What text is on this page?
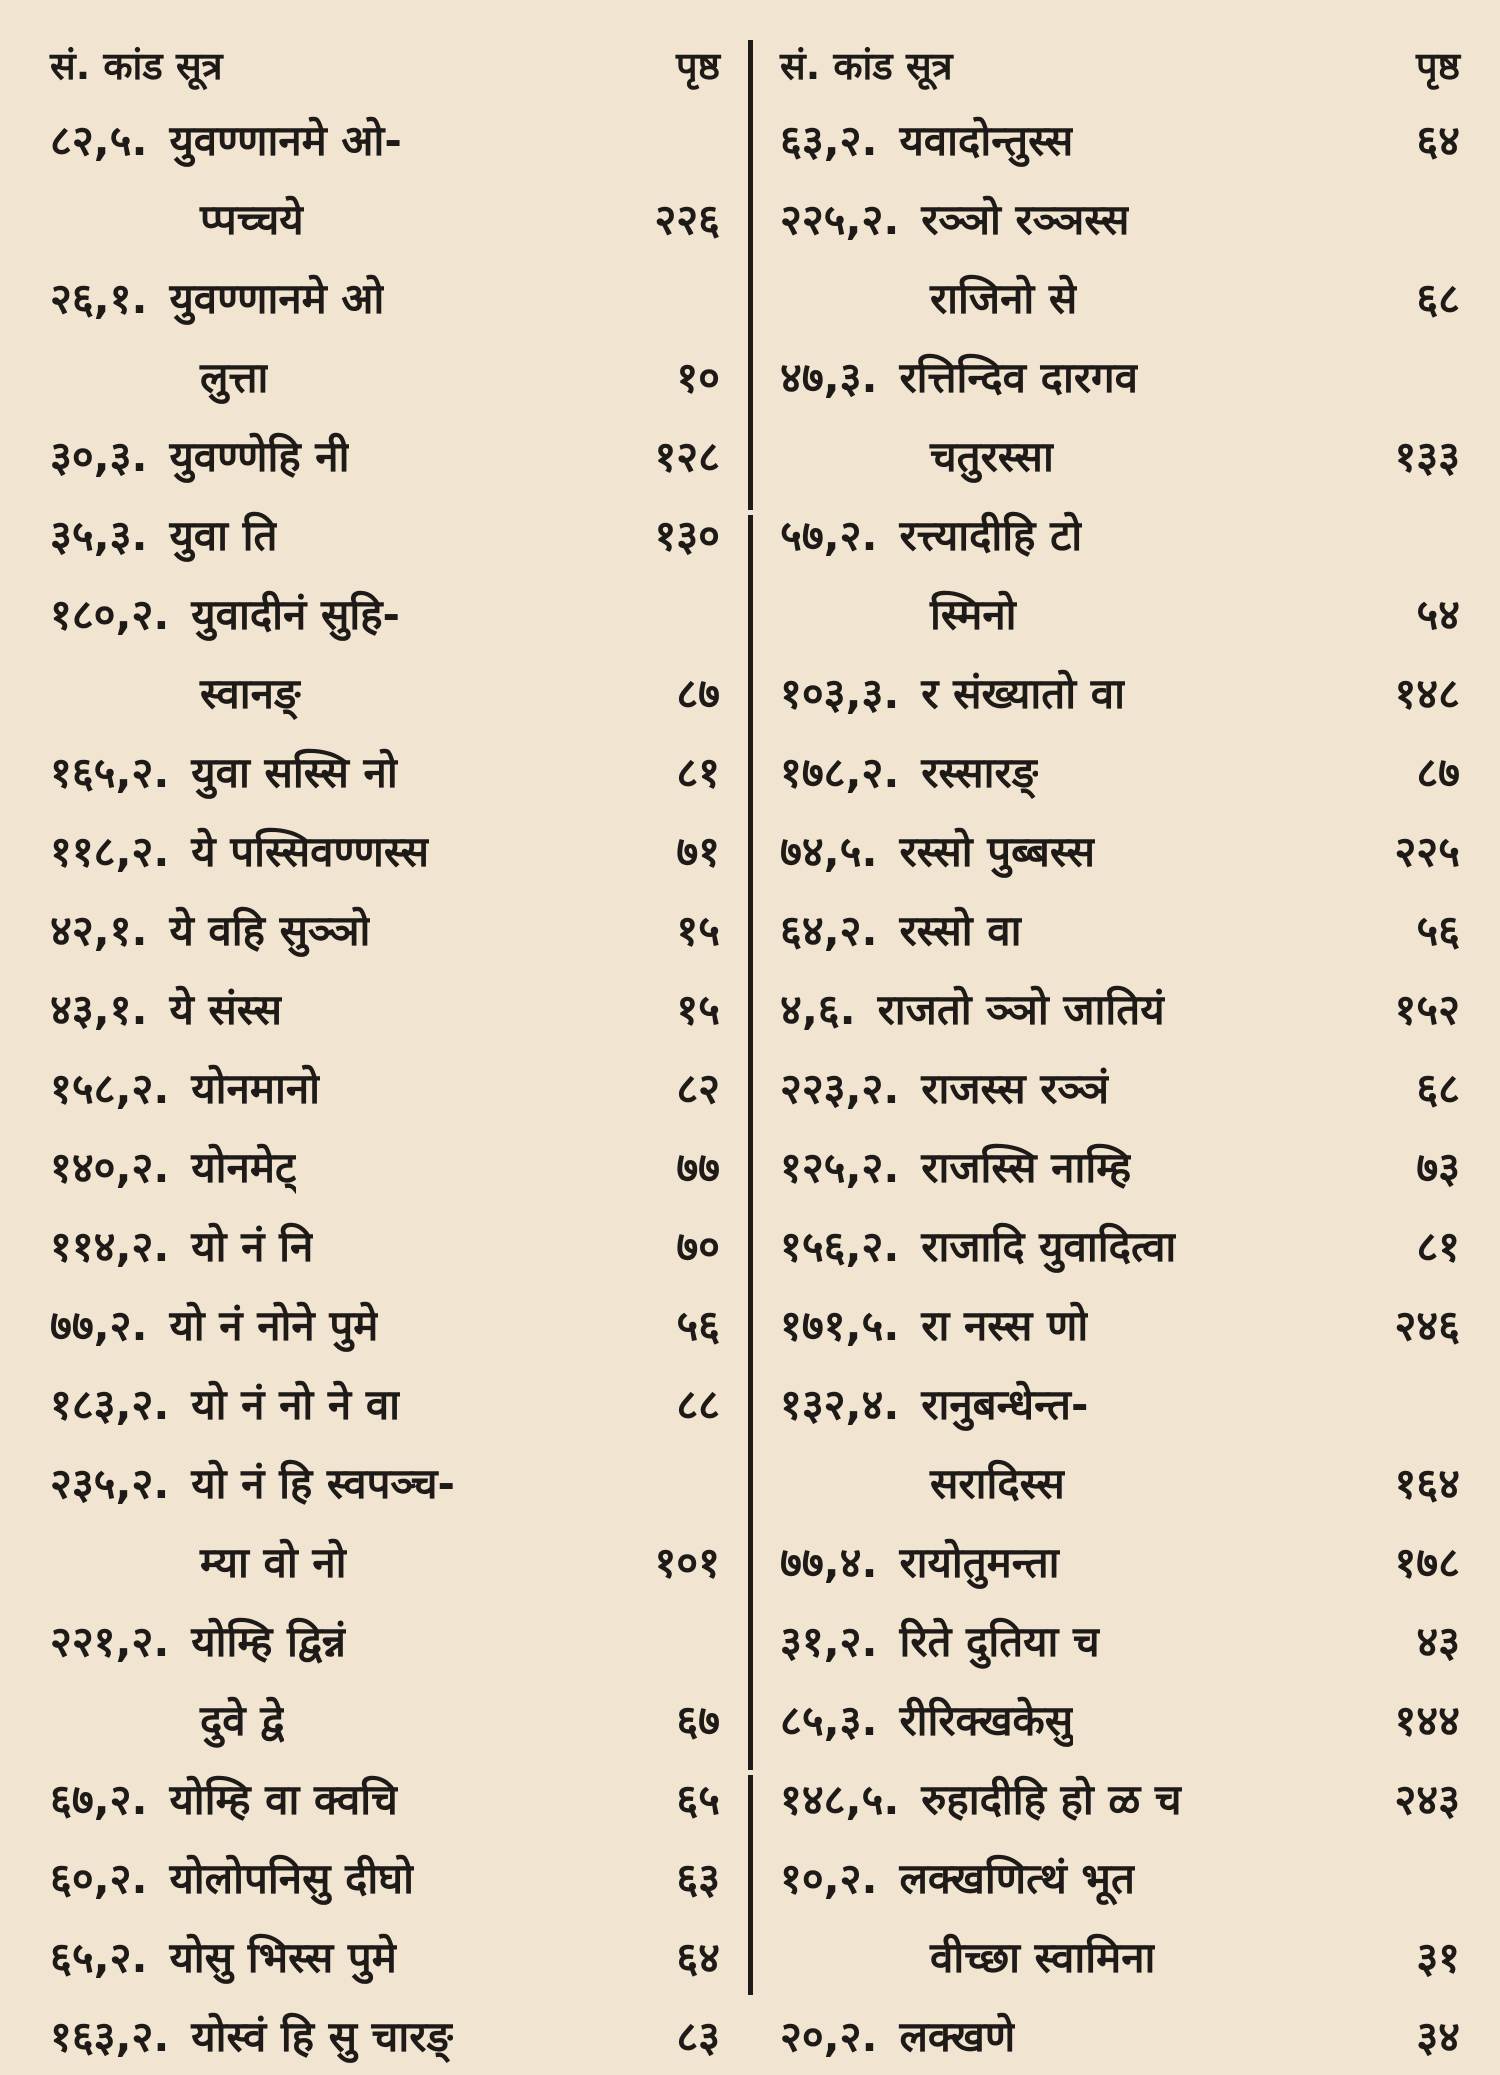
सं. कांड सूत्र	पृष्ठ
८२,५. युवण्णानमे ओ-
प्पच्चये	२२६
२६,१. युवण्णानमे ओ
लुत्ता	१०
३०,३. युवण्णेहि नी	१२८
३५,३. युवा ति	१३०
१८०,२. युवादीनं सुहि-
स्वानङ्	८७
१६५,२. युवा सस्सि नो	८१
११८,२. ये पस्सिवण्णस्स	७१
४२,१. ये वहि सुञ्ञो	१५
४३,१. ये संस्स	१५
१५८,२. योनमानो	८२
१४०,२. योनमेट्	७७
११४,२. यो नं नि	७०
७७,२. यो नं नोने पुमे	५६
१८३,२. यो नं नो ने वा	८८
२३५,२. यो नं हि स्वपञ्च-
म्या वो नो	१०१
२२१,२. योम्हि द्विन्नं
दुवे द्वे	६७
६७,२. योम्हि वा क्वचि	६५
६०,२. योलोपनिसु दीघो	६३
६५,२. योसु भिस्स पुमे	६४
१६३,२. योस्वं हि सु चारङ्	८३
सं. कांड सूत्र	पृष्ठ
६३,२. यवादोन्तुस्स	६४
२२५,२. रञ्ञो रञ्ञस्स
राजिनो से	६८
४७,३. रत्तिन्दिव दारगव
चतुरस्सा	१३३
५७,२. रत्त्यादीहि टो
स्मिनो	५४
१०३,३. र संख्यातो वा	१४८
१७८,२. रस्सारङ्	८७
७४,५. रस्सो पुब्बस्स	२२५
६४,२. रस्सो वा	५६
४,६. राजतो ञ्ञो जातियं	१५२
२२३,२. राजस्स रञ्ञं	६८
१२५,२. राजस्सि नाम्हि	७३
१५६,२. राजादि युवादित्वा	८१
१७१,५. रा नस्स णो	२४६
१३२,४. रानुबन्धेन्त-
सरादिस्स	१६४
७७,४. रायोतुमन्ता	१७८
३१,२. रिते दुतिया च	४३
८५,३. रीरिक्खकेसु	१४४
१४८,५. रुहादीहि हो ळ च	२४३
१०,२. लक्खणित्थं भूत
वीच्छा स्वामिना	३१
२०,२. लक्खणे	३४
